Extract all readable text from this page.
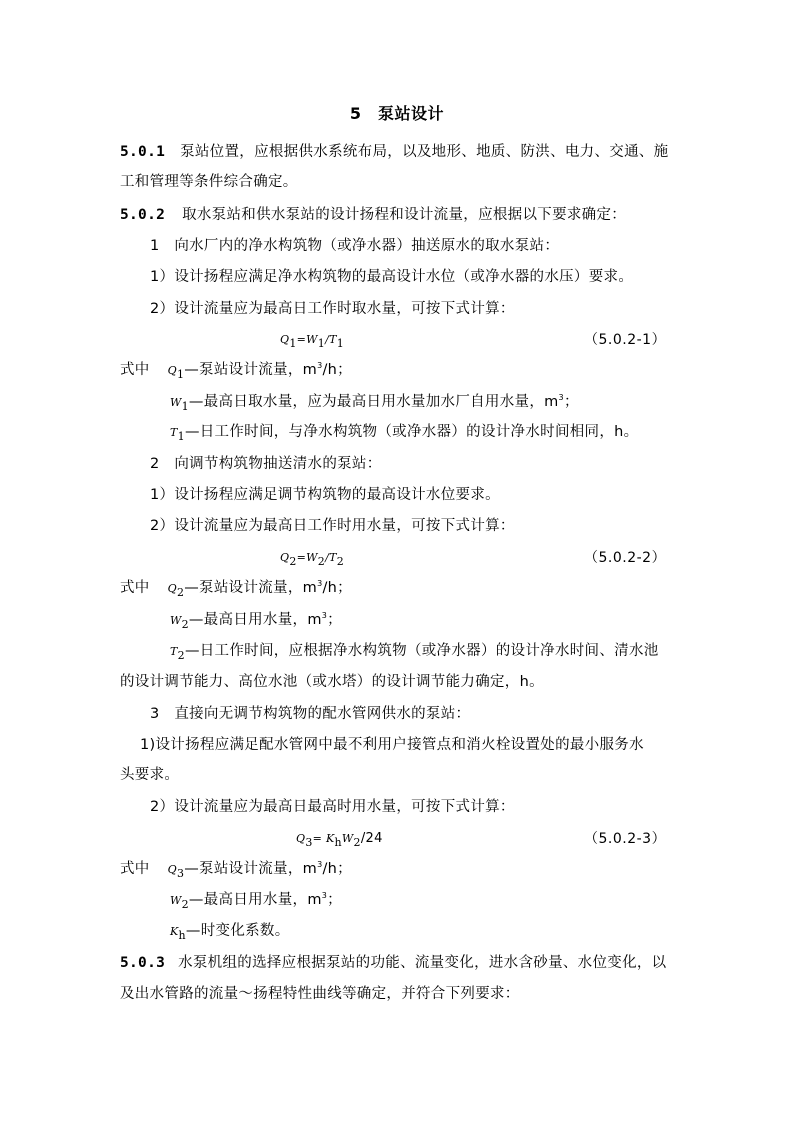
5　泵站设计
5.0.1 泵站位置，应根据供水系统布局，以及地形、地质、防洪、电力、交通、施
工和管理等条件综合确定。
5.0.2 取水泵站和供水泵站的设计扬程和设计流量，应根据以下要求确定：
1　向水厂内的净水构筑物（或净水器）抽送原水的取水泵站：
1）设计扬程应满足净水构筑物的最高设计水位（或净水器的水压）要求。
2）设计流量应为最高日工作时取水量，可按下式计算：
$Q_1=W_1/T_1$	（5.0.2-1）
式中 $Q_1—$泵站设计流量，$m^3/h$；
$W_1—$最高日取水量，应为最高日用水量加水厂自用水量，$m^3$；
$T_1—$日工作时间，与净水构筑物（或净水器）的设计净水时间相同，h。
2　向调节构筑物抽送清水的泵站：
1）设计扬程应满足调节构筑物的最高设计水位要求。
2）设计流量应为最高日工作时用水量，可按下式计算：
$Q_2=W_2/T_2$	（5.0.2-2）
式中 $Q_2—$泵站设计流量，$m^3/h$；
$W_2—$最高日用水量，$m^3$；
$T_2—$日工作时间，应根据净水构筑物（或净水器）的设计净水时间、清水池
的设计调节能力、高位水池（或水塔）的设计调节能力确定，h。
3　直接向无调节构筑物的配水管网供水的泵站：
1)设计扬程应满足配水管网中最不利用户接管点和消火栓设置处的最小服务水
头要求。
2）设计流量应为最高日最高时用水量，可按下式计算：
$Q_3= K_hW_2/24$	（5.0.2-3）
式中 $Q_3—$泵站设计流量，$m^3/h$；
$W_2—$最高日用水量，$m^3$；
$K_h—$时变化系数。
5.0.3 水泵机组的选择应根据泵站的功能、流量变化，进水含砂量、水位变化，以
及出水管路的流量～扬程特性曲线等确定，并符合下列要求：
